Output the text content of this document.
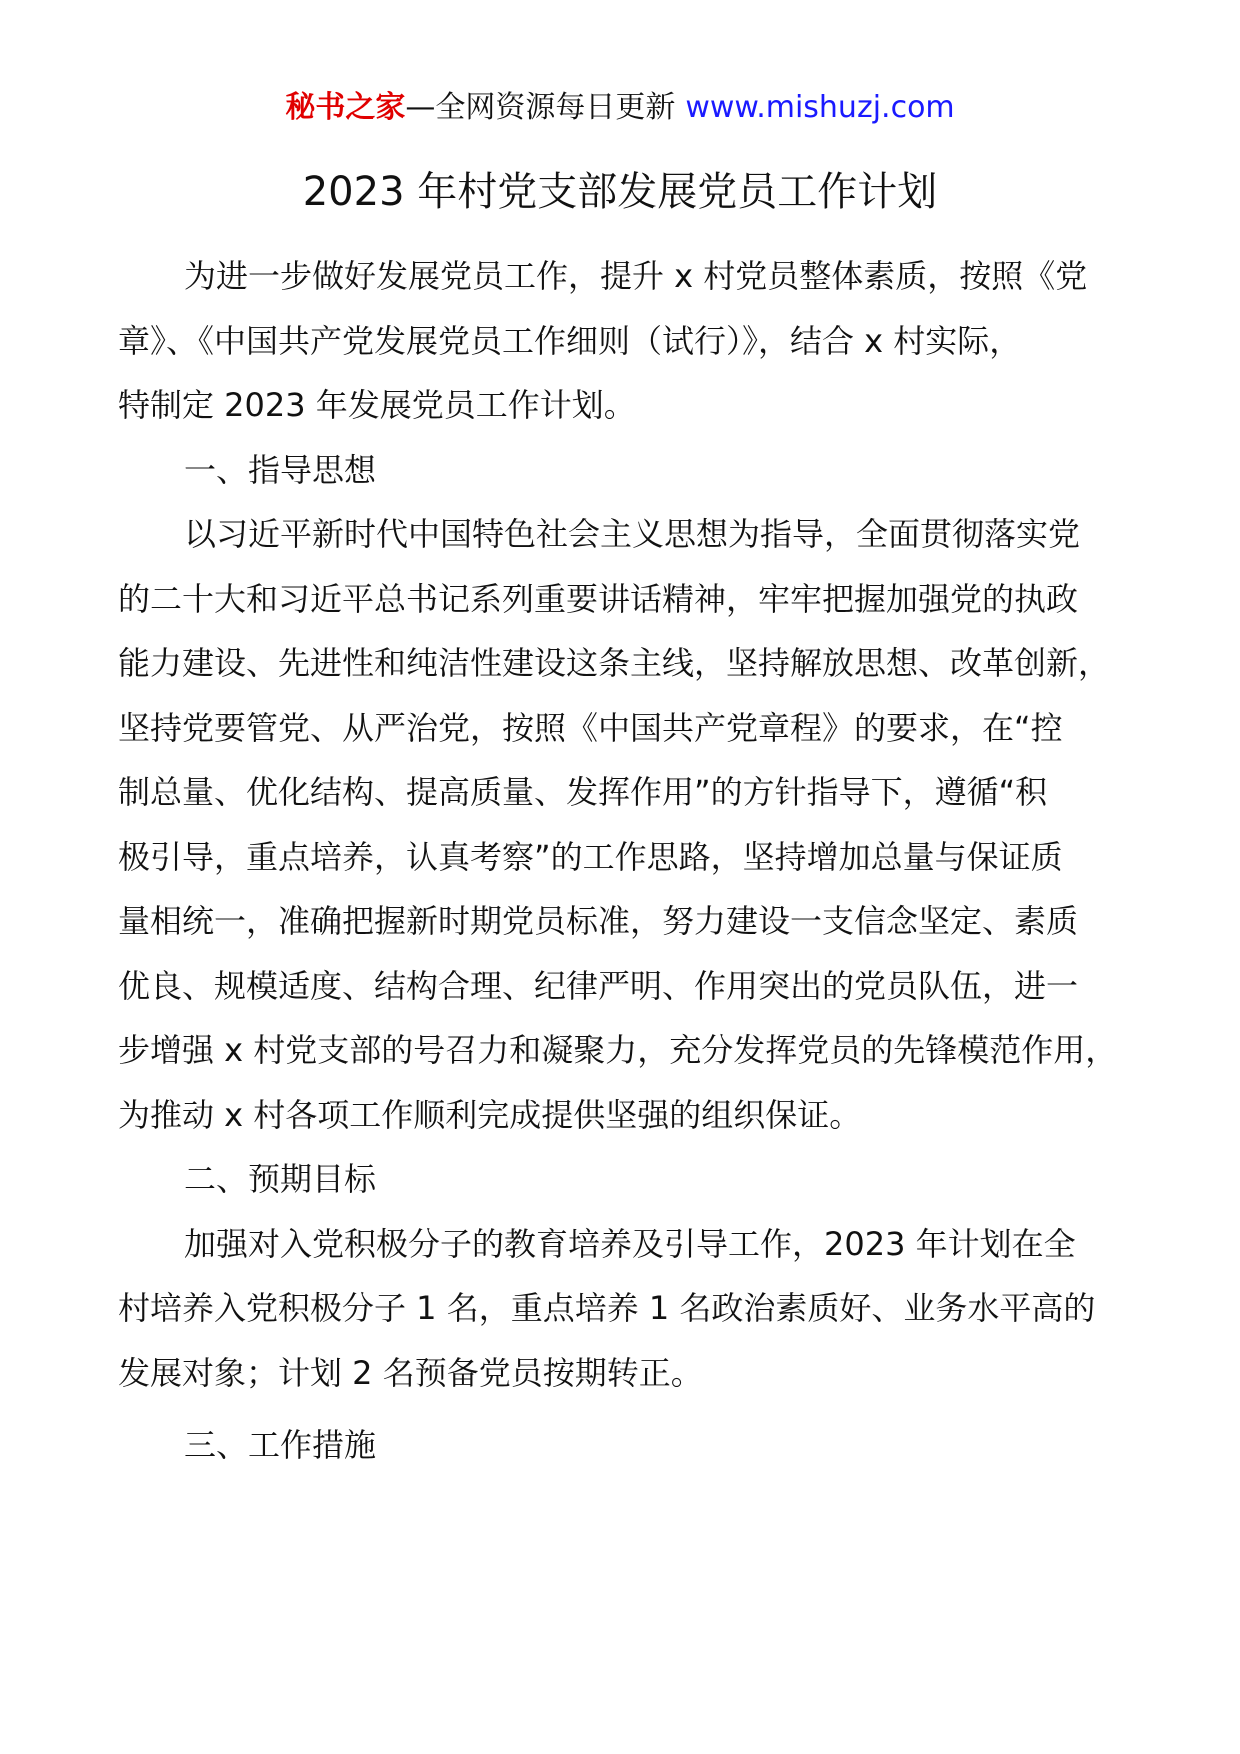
秘书之家—全网资源每日更新 www.mishuzj.com
2023 年村党支部发展党员工作计划
为进一步做好发展党员工作，提升 x 村党员整体素质，按照《党
章》、《中国共产党发展党员工作细则（试行）》，结合 x 村实际，
特制定 2023 年发展党员工作计划。
一、指导思想
以习近平新时代中国特色社会主义思想为指导，全面贯彻落实党
的二十大和习近平总书记系列重要讲话精神，牢牢把握加强党的执政
能力建设、先进性和纯洁性建设这条主线，坚持解放思想、改革创新，
坚持党要管党、从严治党，按照《中国共产党章程》的要求，在“控
制总量、优化结构、提高质量、发挥作用”的方针指导下，遵循“积
极引导，重点培养，认真考察”的工作思路，坚持增加总量与保证质
量相统一，准确把握新时期党员标准，努力建设一支信念坚定、素质
优良、规模适度、结构合理、纪律严明、作用突出的党员队伍，进一
步增强 x 村党支部的号召力和凝聚力，充分发挥党员的先锋模范作用，
为推动 x 村各项工作顺利完成提供坚强的组织保证。
二、预期目标
加强对入党积极分子的教育培养及引导工作，2023 年计划在全
村培养入党积极分子 1 名，重点培养 1 名政治素质好、业务水平高的
发展对象；计划 2 名预备党员按期转正。
三、工作措施
